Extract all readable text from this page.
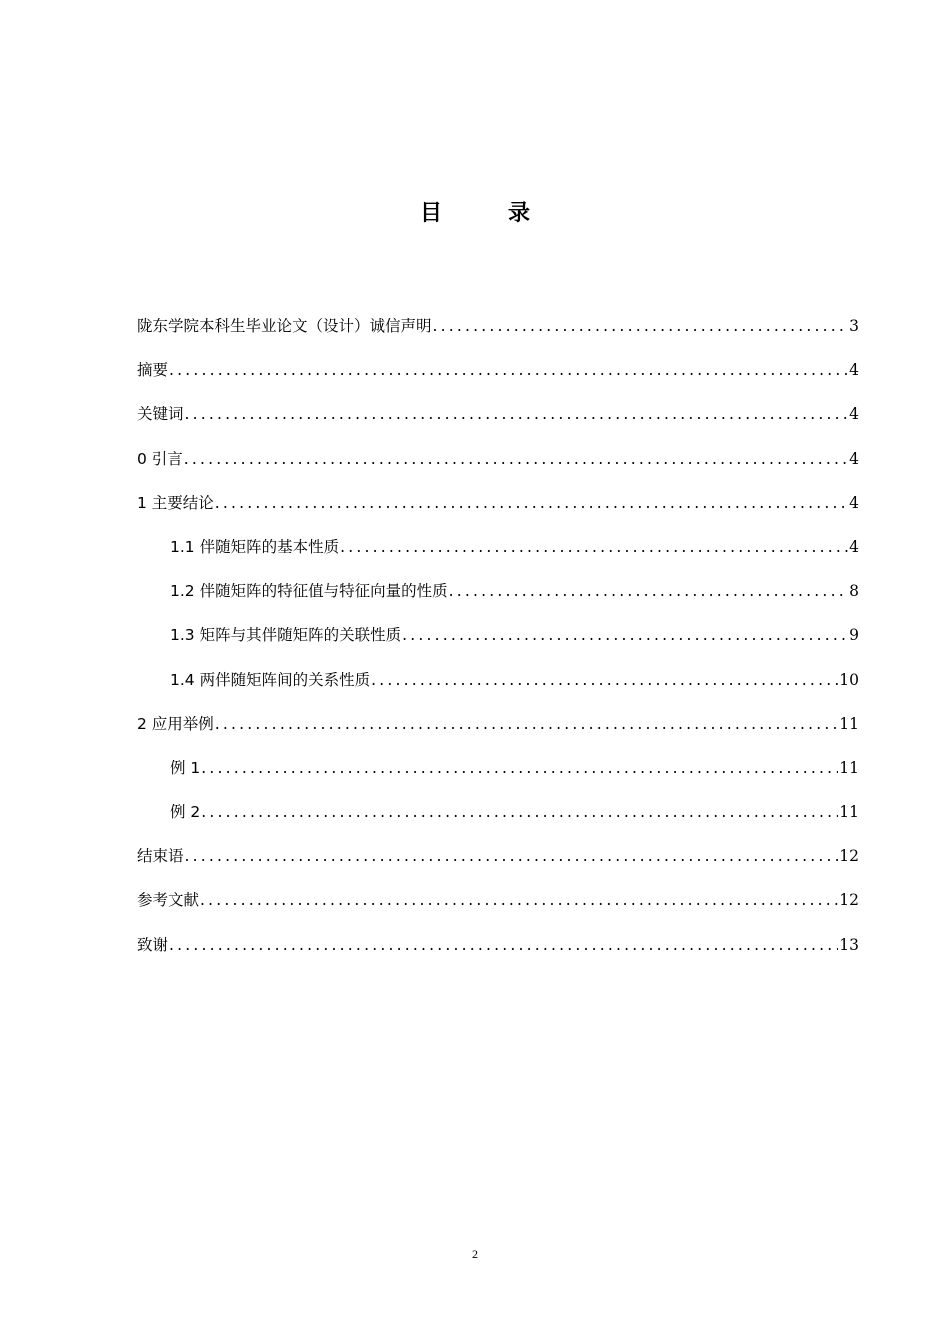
目　录
陇东学院本科生毕业论文（设计）诚信声明 .....	3
摘要 .....	4
关键词 .....	4
0 引言 .....	4
1 主要结论 .....	4
1.1 伴随矩阵的基本性质 .....	4
1.2 伴随矩阵的特征值与特征向量的性质 .....	8
1.3 矩阵与其伴随矩阵的关联性质 .....	9
1.4 两伴随矩阵间的关系性质 .....	10
2 应用举例 .....	11
例 1 .....	11
例 2 .....	11
结束语 .....	12
参考文献 .....	12
致谢 .....	13
2
